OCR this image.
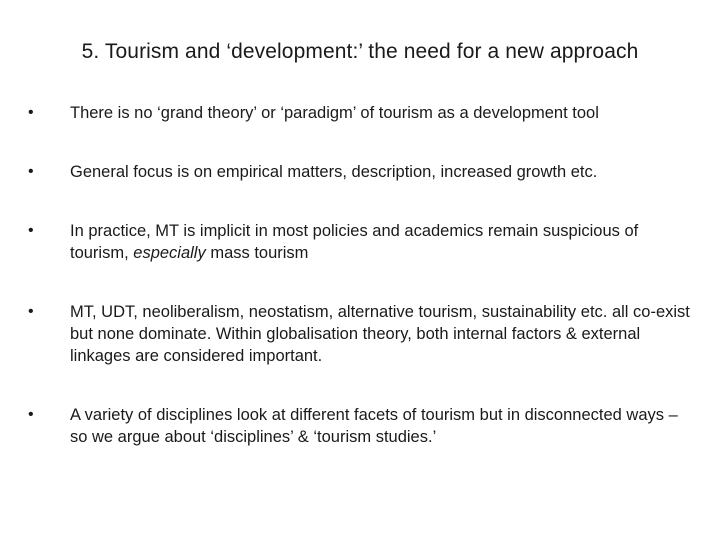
5. Tourism and ‘development:’ the need for a new approach
•	There is no ‘grand theory’ or ‘paradigm’ of tourism as a development tool
•	General focus is on empirical matters, description, increased growth etc.
•	In practice, MT is implicit in most policies and academics remain suspicious of tourism, especially mass tourism
•	MT, UDT, neoliberalism, neostatism, alternative tourism, sustainability etc. all co-exist but none dominate. Within globalisation theory, both internal factors & external linkages are considered important.
•	A variety of disciplines look at different facets of tourism but in disconnected ways – so we argue about ‘disciplines’ & ‘tourism studies.’
